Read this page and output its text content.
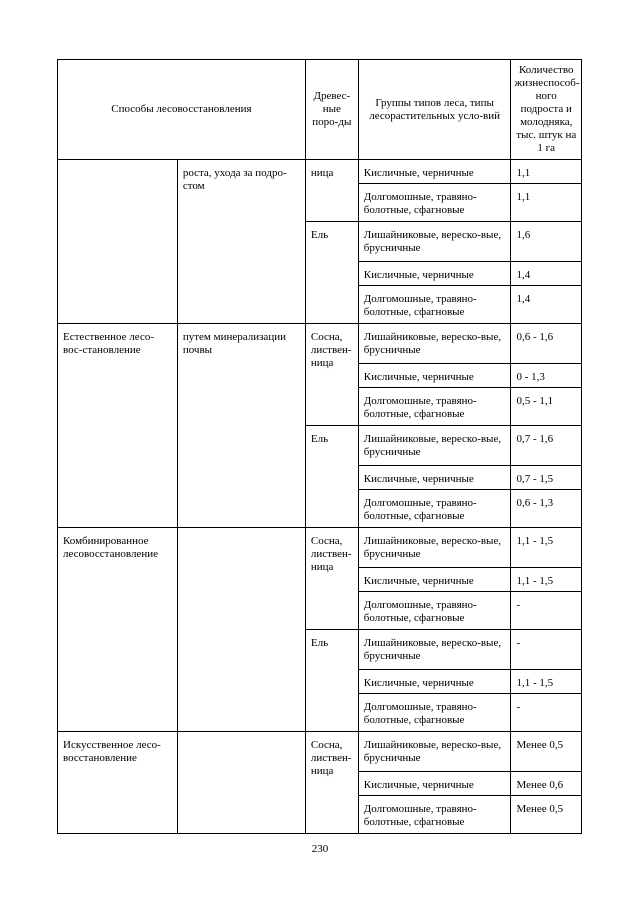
Способы лесовосстановления		Древес-ные поро-ды	Группы типов леса, типы лесорастительных усло-вий	Количество жизнеспособ-ного подроста и молодняка, тыс. штук на 1 га
	роста, ухода за подро-стом	ница	Кисличные, черничные	1,1
			Долгомошные, травяно-болотные, сфагновые	1,1
		Ель	Лишайниковые, вереско-вые, брусничные	1,6
			Кисличные, черничные	1,4
			Долгомошные, травяно-болотные, сфагновые	1,4
Естественное лесо-вос-становление	путем минерализации почвы	Сосна, листвен-ница	Лишайниковые, вереско-вые, брусничные	0,6 - 1,6
			Кисличные, черничные	0 - 1,3
			Долгомошные, травяно-болотные, сфагновые	0,5 - 1,1
		Ель	Лишайниковые, вереско-вые, брусничные	0,7 - 1,6
			Кисличные, черничные	0,7 - 1,5
			Долгомошные, травяно-болотные, сфагновые	0,6 - 1,3
Комбинированное лесовосстановление		Сосна, листвен-ница	Лишайниковые, вереско-вые, брусничные	1,1 - 1,5
			Кисличные, черничные	1,1 - 1,5
			Долгомошные, травяно-болотные, сфагновые	-
		Ель	Лишайниковые, вереско-вые, брусничные	-
			Кисличные, черничные	1,1 - 1,5
			Долгомошные, травяно-болотные, сфагновые	-
Искусственное лесо-восстановление		Сосна, листвен-ница	Лишайниковые, вереско-вые, брусничные	Менее 0,5
			Кисличные, черничные	Менее 0,6
			Долгомошные, травяно-болотные, сфагновые	Менее 0,5
230
